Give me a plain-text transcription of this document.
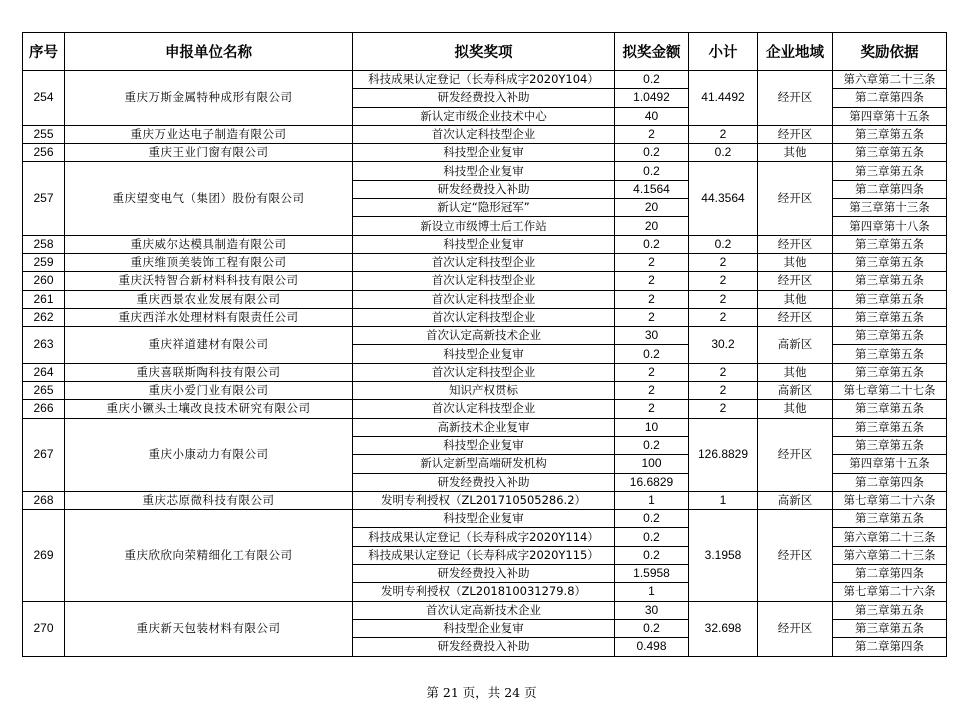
序号	申报单位名称	拟奖奖项	拟奖金额	小计	企业地域	奖励依据
254	重庆万斯金属特种成形有限公司	科技成果认定登记（长寿科成字2020Y104）	0.2	41.4492	经开区	第六章第二十三条
		研发经费投入补助	1.0492			第二章第四条
		新认定市级企业技术中心	40			第四章第十五条
255	重庆万业达电子制造有限公司	首次认定科技型企业	2	2	经开区	第三章第五条
256	重庆王业门窗有限公司	科技型企业复审	0.2	0.2	其他	第三章第五条
257	重庆望变电气（集团）股份有限公司	科技型企业复审	0.2	44.3564	经开区	第三章第五条
		研发经费投入补助	4.1564			第二章第四条
		新认定“隐形冠军”	20			第三章第十三条
		新设立市级博士后工作站	20			第四章第十八条
258	重庆威尔达模具制造有限公司	科技型企业复审	0.2	0.2	经开区	第三章第五条
259	重庆维顶美装饰工程有限公司	首次认定科技型企业	2	2	其他	第三章第五条
260	重庆沃特智合新材料科技有限公司	首次认定科技型企业	2	2	经开区	第三章第五条
261	重庆西景农业发展有限公司	首次认定科技型企业	2	2	其他	第三章第五条
262	重庆西洋水处理材料有限责任公司	首次认定科技型企业	2	2	经开区	第三章第五条
263	重庆祥道建材有限公司	首次认定高新技术企业	30	30.2	高新区	第三章第五条
		科技型企业复审	0.2			第三章第五条
264	重庆喜联斯陶科技有限公司	首次认定科技型企业	2	2	其他	第三章第五条
265	重庆小爱门业有限公司	知识产权贯标	2	2	高新区	第七章第二十七条
266	重庆小镢头土壤改良技术研究有限公司	首次认定科技型企业	2	2	其他	第三章第五条
267	重庆小康动力有限公司	高新技术企业复审	10	126.8829	经开区	第三章第五条
		科技型企业复审	0.2			第三章第五条
		新认定新型高端研发机构	100			第四章第十五条
		研发经费投入补助	16.6829			第二章第四条
268	重庆芯原微科技有限公司	发明专利授权（ZL201710505286.2）	1	1	高新区	第七章第二十六条
269	重庆欣欣向荣精细化工有限公司	科技型企业复审	0.2	3.1958	经开区	第三章第五条
		科技成果认定登记（长寿科成字2020Y114）	0.2			第六章第二十三条
		科技成果认定登记（长寿科成字2020Y115）	0.2			第六章第二十三条
		研发经费投入补助	1.5958			第二章第四条
		发明专利授权（ZL201810031279.8）	1			第七章第二十六条
270	重庆新天包装材料有限公司	首次认定高新技术企业	30	32.698	经开区	第三章第五条
		科技型企业复审	0.2			第三章第五条
		研发经费投入补助	0.498			第二章第四条
第 21 页，共 24 页
